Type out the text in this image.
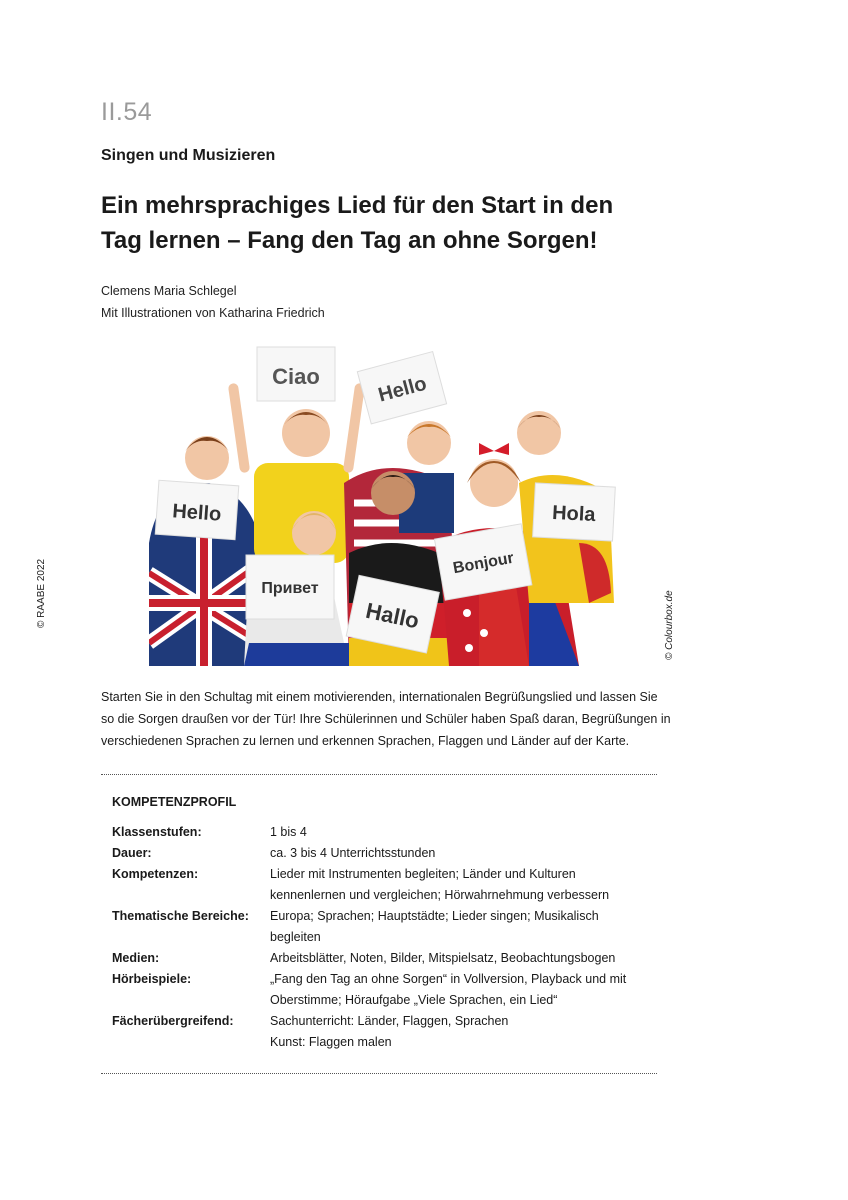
II.54
Singen und Musizieren
Ein mehrsprachiges Lied für den Start in den
Tag lernen – Fang den Tag an ohne Sorgen!
Clemens Maria Schlegel
Mit Illustrationen von Katharina Friedrich
© RAABE 2022	© Colourbox.de
Ciao	Hello
Hello	Hola
Привет
Hallo
Bonjour
Starten Sie in den Schultag mit einem motivierenden, internationalen Begrüßungslied und lassen Sie so die Sorgen draußen vor der Tür! Ihre Schülerinnen und Schüler haben Spaß daran, Begrüßungen in verschiedenen Sprachen zu lernen und erkennen Sprachen, Flaggen und Länder auf der Karte.
KOMPETENZPROFIL
Klassenstufen:	1 bis 4
Dauer:	ca. 3 bis 4 Unterrichtsstunden
Kompetenzen:	Lieder mit Instrumenten begleiten; Länder und Kulturen
kennenlernen und vergleichen; Hörwahrnehmung verbessern
Thematische Bereiche:	Europa; Sprachen; Hauptstädte; Lieder singen; Musikalisch
begleiten
Medien:	Arbeitsblätter, Noten, Bilder, Mitspielsatz, Beobachtungsbogen
Hörbeispiele:	„Fang den Tag an ohne Sorgen“ in Vollversion, Playback und mit
Oberstimme; Höraufgabe „Viele Sprachen, ein Lied“
Fächerübergreifend:	Sachunterricht: Länder, Flaggen, Sprachen
Kunst: Flaggen malen
